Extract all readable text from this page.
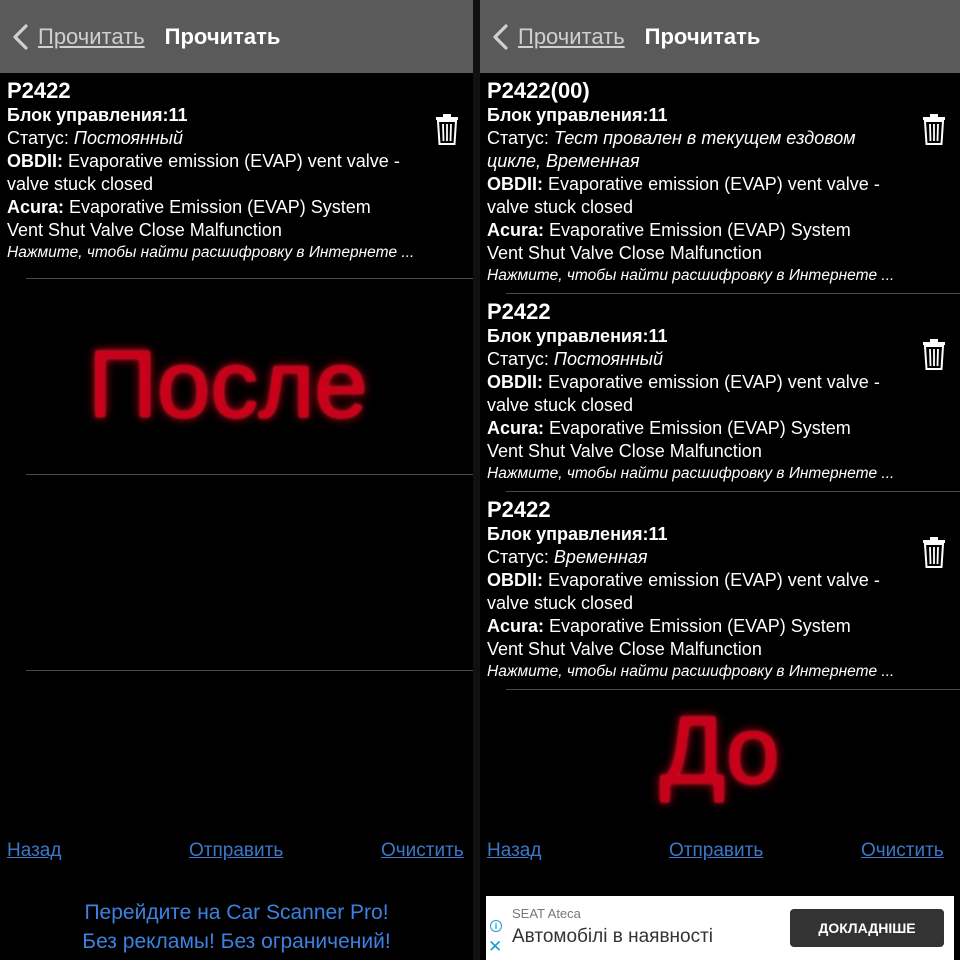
Прочитать Прочитать
P2422
Блок управления:11
Статус: Постоянный
OBDII: Evaporative emission (EVAP) vent valve -
valve stuck closed
Acura: Evaporative Emission (EVAP) System
Vent Shut Valve Close Malfunction
Нажмите, чтобы найти расшифровку в Интернете ...
После
Назад	Отправить	Очистить
Перейдите на Car Scanner Pro!
Без рекламы! Без ограничений!
Прочитать Прочитать
P2422(00)
Блок управления:11
Статус: Тест провален в текущем ездовом
цикле, Временная
OBDII: Evaporative emission (EVAP) vent valve -
valve stuck closed
Acura: Evaporative Emission (EVAP) System
Vent Shut Valve Close Malfunction
Нажмите, чтобы найти расшифровку в Интернете ...
P2422
Блок управления:11
Статус: Постоянный
OBDII: Evaporative emission (EVAP) vent valve -
valve stuck closed
Acura: Evaporative Emission (EVAP) System
Vent Shut Valve Close Malfunction
Нажмите, чтобы найти расшифровку в Интернете ...
P2422
Блок управления:11
Статус: Временная
OBDII: Evaporative emission (EVAP) vent valve -
valve stuck closed
Acura: Evaporative Emission (EVAP) System
Vent Shut Valve Close Malfunction
Нажмите, чтобы найти расшифровку в Интернете ...
До
Назад	Отправить	Очистить
i
✕
SEAT Ateca
Автомобілі в наявності	ДОКЛАДНІШЕ
